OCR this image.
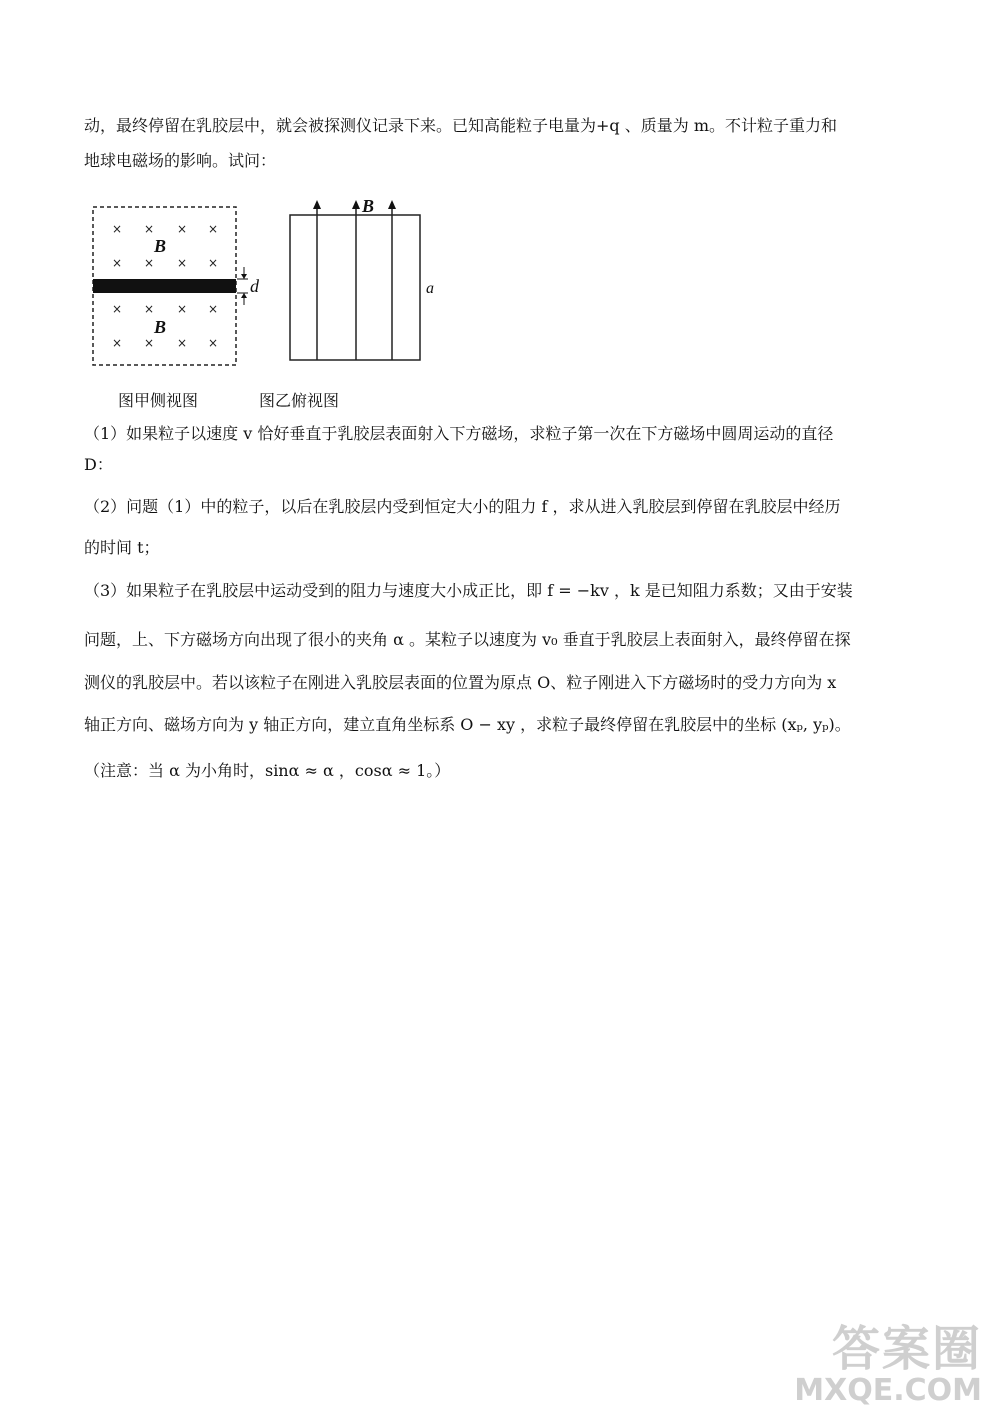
动，最终停留在乳胶层中，就会被探测仪记录下来。已知高能粒子电量为+q 、质量为 m。不计粒子重力和
地球电磁场的影响。试问：
× × × ×
× × × ×
× × × ×
× × × ×
B
B
d
B
a
图甲侧视图	图乙俯视图
（1）如果粒子以速度 v 恰好垂直于乳胶层表面射入下方磁场，求粒子第一次在下方磁场中圆周运动的直径
D：
（2）问题（1）中的粒子，以后在乳胶层内受到恒定大小的阻力 f ，求从进入乳胶层到停留在乳胶层中经历
的时间 t；
（3）如果粒子在乳胶层中运动受到的阻力与速度大小成正比，即 f = −kv ，k 是已知阻力系数；又由于安装
问题，上、下方磁场方向出现了很小的夹角 α 。某粒子以速度为 v₀ 垂直于乳胶层上表面射入，最终停留在探
测仪的乳胶层中。若以该粒子在刚进入乳胶层表面的位置为原点 O、粒子刚进入下方磁场时的受力方向为 x
轴正方向、磁场方向为 y 轴正方向，建立直角坐标系 O − xy ，求粒子最终停留在乳胶层中的坐标 (xₚ, yₚ)。
（注意：当 α 为小角时，sinα ≈ α ，cosα ≈ 1。）
答案圈
MXQE.COM
